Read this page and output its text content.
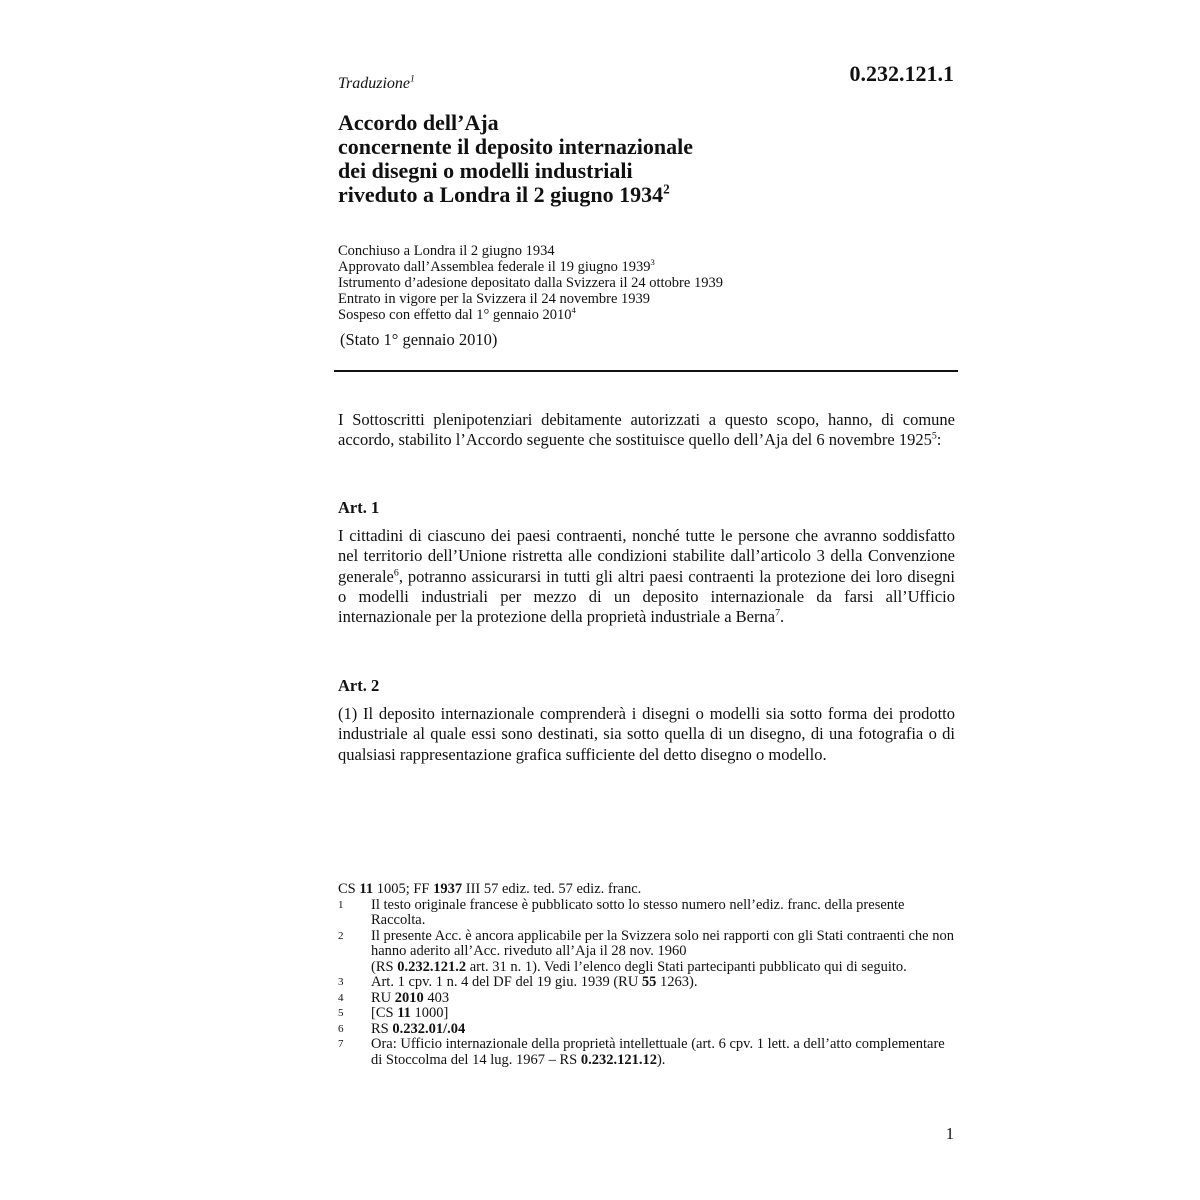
0.232.121.1
Traduzione$^1$
Accordo dell’Aja
concernente il deposito internazionale
dei disegni o modelli industriali
riveduto a Londra il 2 giugno 1934$^2$
Conchiuso a Londra il 2 giugno 1934
Approvato dall’Assemblea federale il 19 giugno 1939$^3$
Istrumento d’adesione depositato dalla Svizzera il 24 ottobre 1939
Entrato in vigore per la Svizzera il 24 novembre 1939
Sospeso con effetto dal 1° gennaio 2010$^4$
(Stato 1° gennaio 2010)
I Sottoscritti plenipotenziari debitamente autorizzati a questo scopo, hanno, di comune accordo, stabilito l’Accordo seguente che sostituisce quello dell’Aja del 6 novembre 1925$^5$:
Art. 1
I cittadini di ciascuno dei paesi contraenti, nonché tutte le persone che avranno soddisfatto nel territorio dell’Unione ristretta alle condizioni stabilite dall’articolo 3 della Convenzione generale$^6$, potranno assicurarsi in tutti gli altri paesi contraenti la protezione dei loro disegni o modelli industriali per mezzo di un deposito internazionale da farsi all’Ufficio internazionale per la protezione della proprietà industriale a Berna$^7$.
Art. 2
(1) Il deposito internazionale comprenderà i disegni o modelli sia sotto forma dei prodotto industriale al quale essi sono destinati, sia sotto quella di un disegno, di una fotografia o di qualsiasi rappresentazione grafica sufficiente del detto disegno o modello.
CS 11 1005; FF 1937 III 57 ediz. ted. 57 ediz. franc.
1	Il testo originale francese è pubblicato sotto lo stesso numero nell’ediz. franc. della presente Raccolta.
2	Il presente Acc. è ancora applicabile per la Svizzera solo nei rapporti con gli Stati contraenti che non hanno aderito all’Acc. riveduto all’Aja il 28 nov. 1960
(RS 0.232.121.2 art. 31 n. 1). Vedi l’elenco degli Stati partecipanti pubblicato qui di seguito.
3	Art. 1 cpv. 1 n. 4 del DF del 19 giu. 1939 (RU 55 1263).
4	RU 2010 403
5	[CS 11 1000]
6	RS 0.232.01/.04
7	Ora: Ufficio internazionale della proprietà intellettuale (art. 6 cpv. 1 lett. a dell’atto complementare di Stoccolma del 14 lug. 1967 – RS 0.232.121.12).
1
